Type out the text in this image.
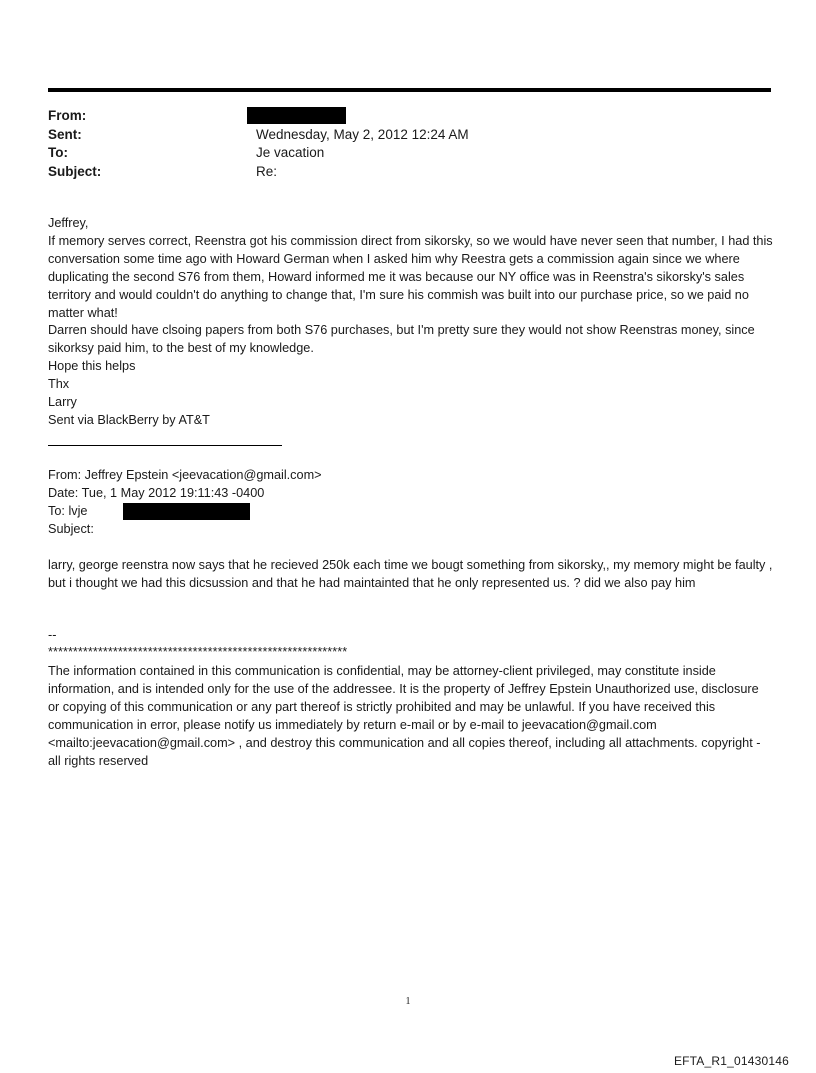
From:
Sent:	Wednesday, May 2, 2012 12:24 AM
To:	Je vacation
Subject:	Re:

Jeffrey,

If memory serves correct, Reenstra got his commission direct from sikorsky, so we would have never seen that number, I had this conversation some time ago with Howard German when I asked him why Reestra gets a commission again since we where duplicating the second S76 from them, Howard informed me it was because our NY office was in Reenstra's sikorsky's sales territory and would couldn't do anything to change that, I'm sure his commish was built into our purchase price, so we paid no matter what!

Darren should have clsoing papers from both S76 purchases, but I'm pretty sure they would not show Reenstras money, since sikorksy paid him, to the best of my knowledge.

Hope this helps

Thx

Larry

Sent via BlackBerry by AT&T

From: Jeffrey Epstein <jeevacation@gmail.com>

Date: Tue, 1 May 2012 19:11:43 -0400

To: lvje

Subject:

larry, george reenstra now says that he recieved 250k each time we bougt something from sikorsky,, my memory might be faulty , but i thought we had this dicsussion and that he had maintainted that he only represented us. ? did we also pay him

--
************************************************************

The information contained in this communication is confidential, may be attorney-client privileged, may constitute inside information, and is intended only for the use of the addressee. It is the property of Jeffrey Epstein Unauthorized use, disclosure or copying of this communication or any part thereof is strictly prohibited and may be unlawful. If you have received this communication in error, please notify us immediately by return e-mail or by e-mail to jeevacation@gmail.com <mailto:jeevacation@gmail.com> , and destroy this communication and all copies thereof, including all attachments. copyright -all rights reserved

1
EFTA_R1_01430146
